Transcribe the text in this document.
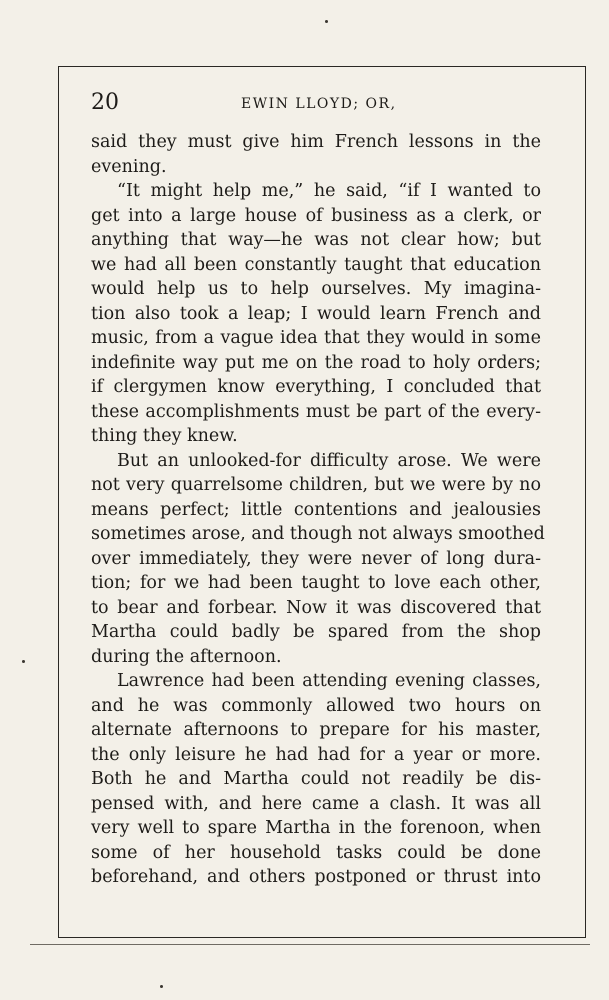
20	EWIN LLOYD; OR,
said they must give him French lessons in the
evening.
“It might help me,” he said, “if I wanted to
get into a large house of business as a clerk, or
anything that way—he was not clear how; but
we had all been constantly taught that education
would help us to help ourselves. My imagina-
tion also took a leap; I would learn French and
music, from a vague idea that they would in some
indefinite way put me on the road to holy orders;
if clergymen know everything, I concluded that
these accomplishments must be part of the every-
thing they knew.
But an unlooked-for difficulty arose. We were
not very quarrelsome children, but we were by no
means perfect; little contentions and jealousies
sometimes arose, and though not always smoothed
over immediately, they were never of long dura-
tion; for we had been taught to love each other,
to bear and forbear. Now it was discovered that
Martha could badly be spared from the shop
during the afternoon.
Lawrence had been attending evening classes,
and he was commonly allowed two hours on
alternate afternoons to prepare for his master,
the only leisure he had had for a year or more.
Both he and Martha could not readily be dis-
pensed with, and here came a clash. It was all
very well to spare Martha in the forenoon, when
some of her household tasks could be done
beforehand, and others postponed or thrust into
